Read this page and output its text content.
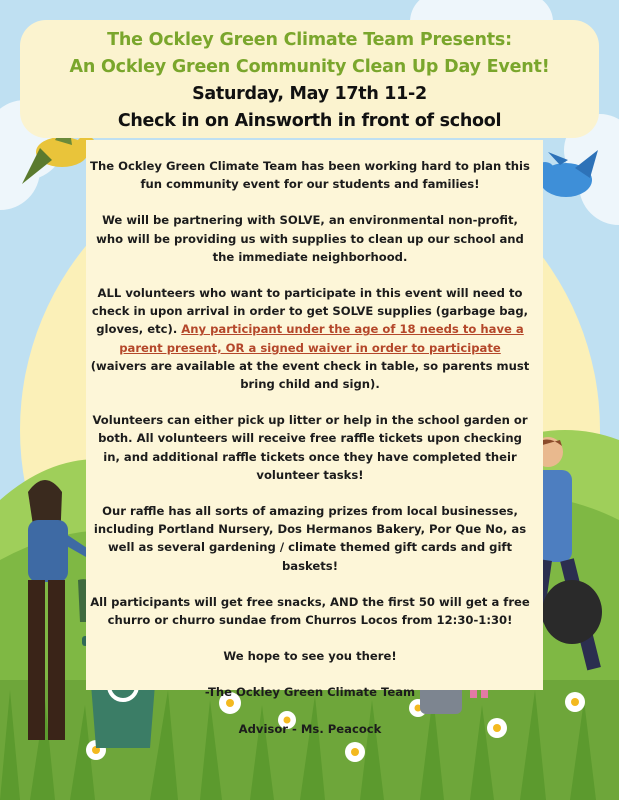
The Ockley Green Climate Team Presents:
An Ockley Green Community Clean Up Day Event!
Saturday, May 17th 11-2
Check in on Ainsworth in front of school

The Ockley Green Climate Team has been working hard to plan this fun community event for our students and families!

We will be partnering with SOLVE, an environmental non-profit, who will be providing us with supplies to clean up our school and the immediate neighborhood.

ALL volunteers who want to participate in this event will need to check in upon arrival in order to get SOLVE supplies (garbage bag, gloves, etc). Any participant under the age of 18 needs to have a parent present, OR a signed waiver in order to participate (waivers are available at the event check in table, so parents must bring child and sign).

Volunteers can either pick up litter or help in the school garden or both. All volunteers will receive free raffle tickets upon checking in, and additional raffle tickets once they have completed their volunteer tasks!

Our raffle has all sorts of amazing prizes from local businesses, including Portland Nursery, Dos Hermanos Bakery, Por Que No, as well as several gardening / climate themed gift cards and gift baskets!

All participants will get free snacks, AND the first 50 will get a free churro or churro sundae from Churros Locos from 12:30-1:30!

We hope to see you there!

-The Ockley Green Climate Team

Advisor - Ms. Peacock
